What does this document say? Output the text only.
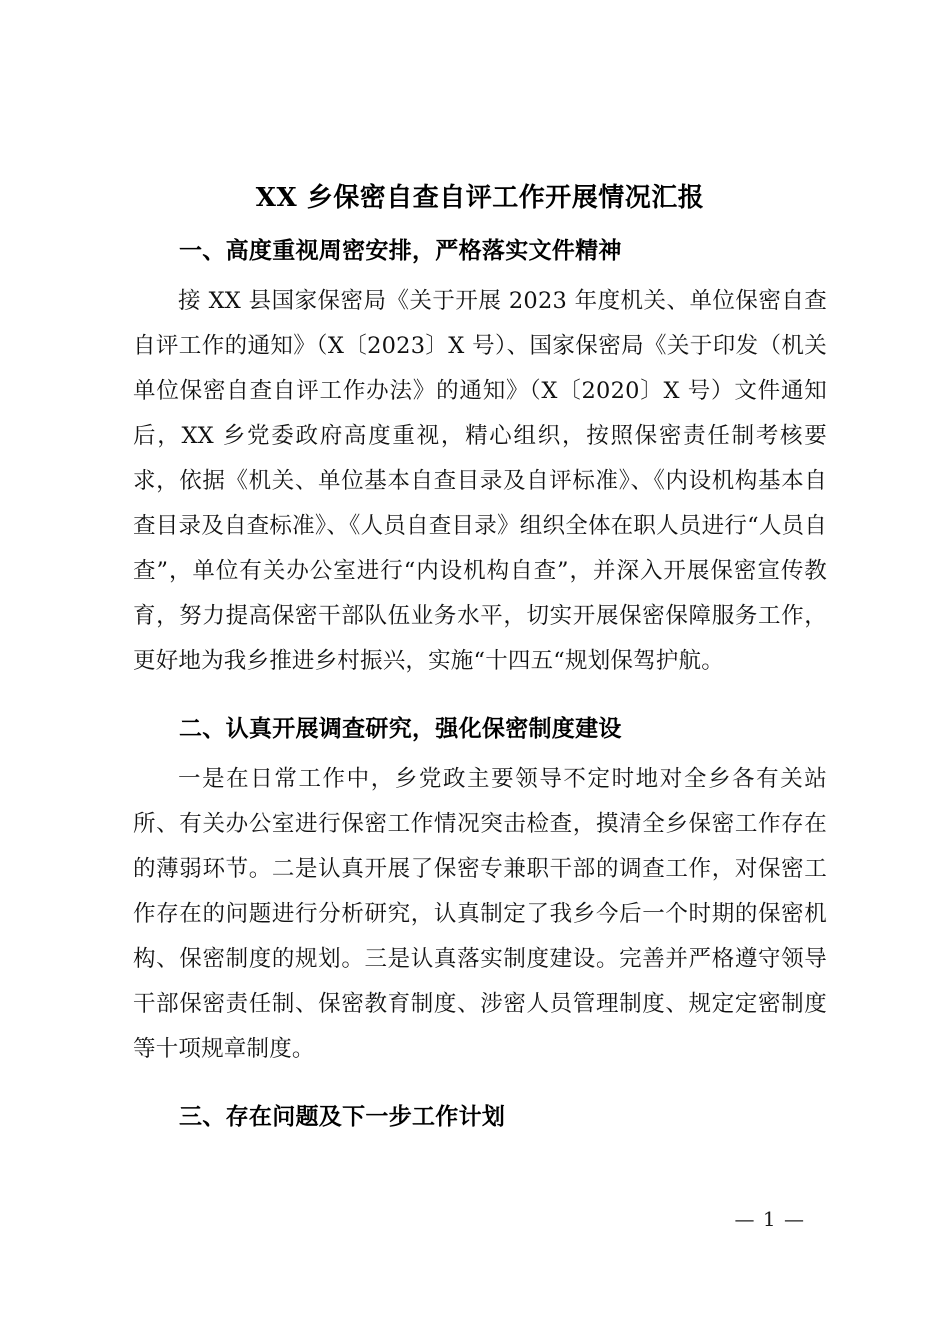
XX 乡保密自查自评工作开展情况汇报
一、高度重视周密安排，严格落实文件精神

接 XX 县国家保密局《关于开展 2023 年度机关、单位保密自查自评工作的通知》（X〔2023〕X 号）、国家保密局《关于印发（机关单位保密自查自评工作办法》的通知》（X〔2020〕X 号）文件通知后，XX 乡党委政府高度重视，精心组织，按照保密责任制考核要求，依据《机关、单位基本自查目录及自评标准》、《内设机构基本自查目录及自查标准》、《人员自查目录》组织全体在职人员进行“人员自查”，单位有关办公室进行“内设机构自查”，并深入开展保密宣传教育，努力提高保密干部队伍业务水平，切实开展保密保障服务工作，更好地为我乡推进乡村振兴，实施“十四五“规划保驾护航。

二、认真开展调查研究，强化保密制度建设

一是在日常工作中，乡党政主要领导不定时地对全乡各有关站所、有关办公室进行保密工作情况突击检查，摸清全乡保密工作存在的薄弱环节。二是认真开展了保密专兼职干部的调查工作，对保密工作存在的问题进行分析研究，认真制定了我乡今后一个时期的保密机构、保密制度的规划。三是认真落实制度建设。完善并严格遵守领导干部保密责任制、保密教育制度、涉密人员管理制度、规定定密制度等十项规章制度。

三、存在问题及下一步工作计划
— 1 —
